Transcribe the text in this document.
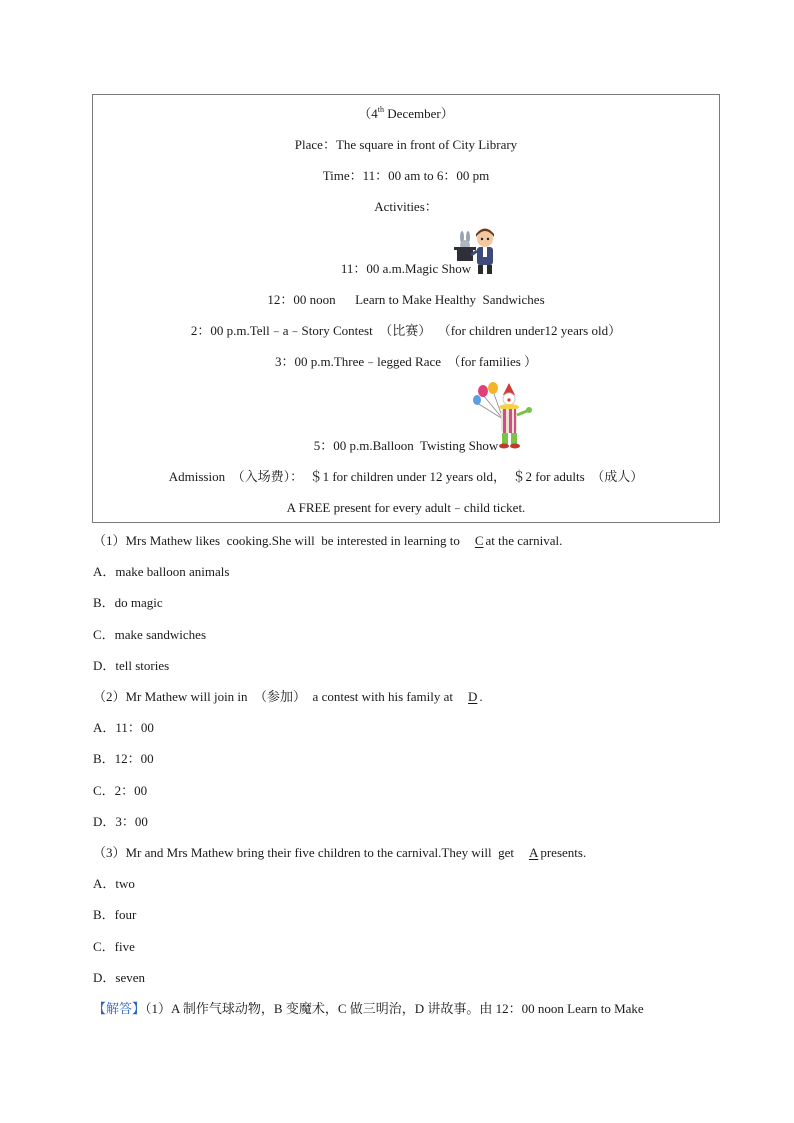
（4th December）
Place：The square in front of City Library
Time：11：00 am to 6：00 pm
Activities：
11：00 a.m.Magic Show
12：00 noon      Learn to Make Healthy  Sandwiches
2：00 p.m.Tell﹣a﹣Story Contest  （比赛）  （for children under12 years old）
3：00 p.m.Three﹣legged Race  （for families ）
5：00 p.m.Balloon  Twisting Show
Admission  （入场费）：  ＄1 for children under 12 years old，  ＄2 for adults  （成人）
A FREE present for every adult﹣child ticket.
（1）Mrs Mathew likes  cooking.She will  be interested in learning to C at the carnival.
A．make balloon animals
B．do magic
C．make sandwiches
D．tell stories
（2）Mr Mathew will join in  （参加）  a contest with his family at D .
A．11：00
B．12：00
C．2：00
D．3：00
（3）Mr and Mrs Mathew bring their five children to the carnival.They will  get A presents.
A．two
B．four
C．five
D．seven
【解答】（1）A 制作气球动物，B 变魔术，C 做三明治，D 讲故事。由 12：00 noon Learn to Make
